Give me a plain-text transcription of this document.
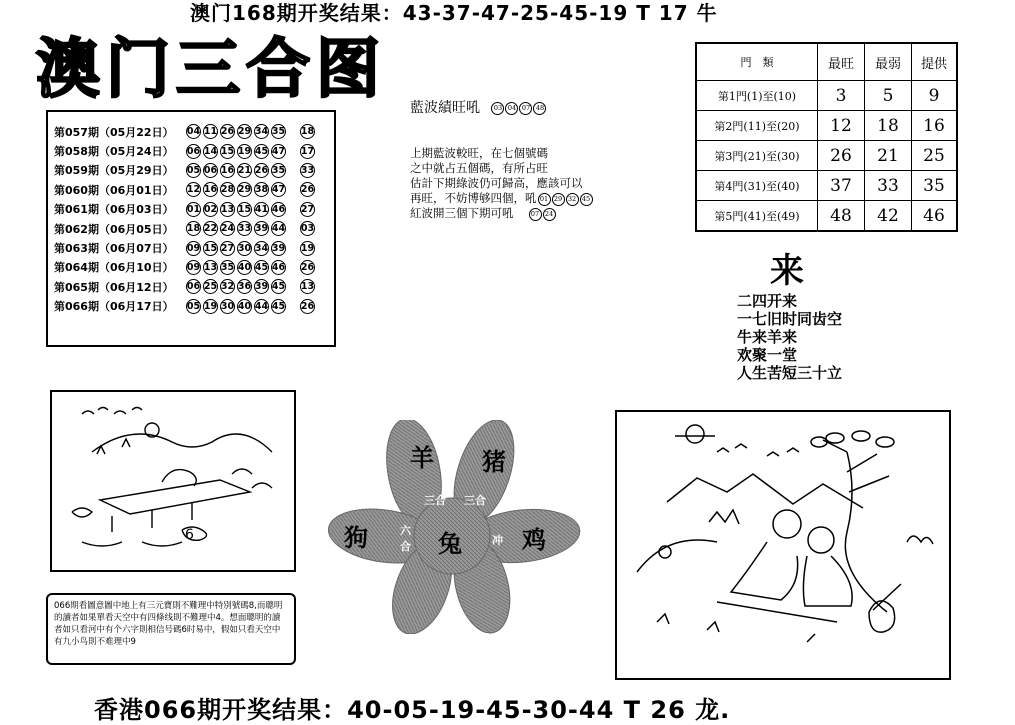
澳门168期开奖结果：43-37-47-25-45-19 T 17 牛
澳门三合图
第057期（05月22日）	04 11 26 29 34 35 18
第058期（05月24日）	06 14 15 19 45 47 17
第059期（05月29日）	05 06 16 21 26 35 33
第060期（06月01日）	12 16 28 29 38 47 26
第061期（06月03日）	01 02 13 15 41 46 27
第062期（06月05日）	18 22 24 33 39 44 03
第063期（06月07日）	09 15 27 30 34 39 19
第064期（06月10日）	09 13 35 40 45 46 26
第065期（06月12日）	06 25 32 36 39 45 13
第066期（06月17日）	05 19 30 40 44 45 26
藍波績旺吼 03 04 07 48
上期藍波較旺，在七個號碼
之中就占五個碼，有所占旺
估計下期綠波仍可歸高，應該可以
再旺，不妨博够四個，吼 01 29 32 45
紅波開三個下期可吼	07 24
門　類	最旺	最弱	提供
第1門(1)至(10)	3	5	9
第2門(11)至(20)	12	18	16
第3門(21)至(30)	26	21	25
第4門(31)至(40)	37	33	35
第5門(41)至(49)	48	42	46
来
二四开来
一七旧时同齿空
牛来羊来
欢聚一堂
人生苦短三十立
6
066期看圖意圖中地上有三元寶則不難理中特別號碼8,而聰明的讀者如果單看天空中有四條线則不難理中4。想面聰明的讀者如只看河中有个六字則相信号碼6时易中，假如只看天空中有九小鸟則不难理中9
羊 猪
狗	兔	鸡
三合 三合
六
合	冲
香港066期开奖结果：40-05-19-45-30-44 T 26 龙.
